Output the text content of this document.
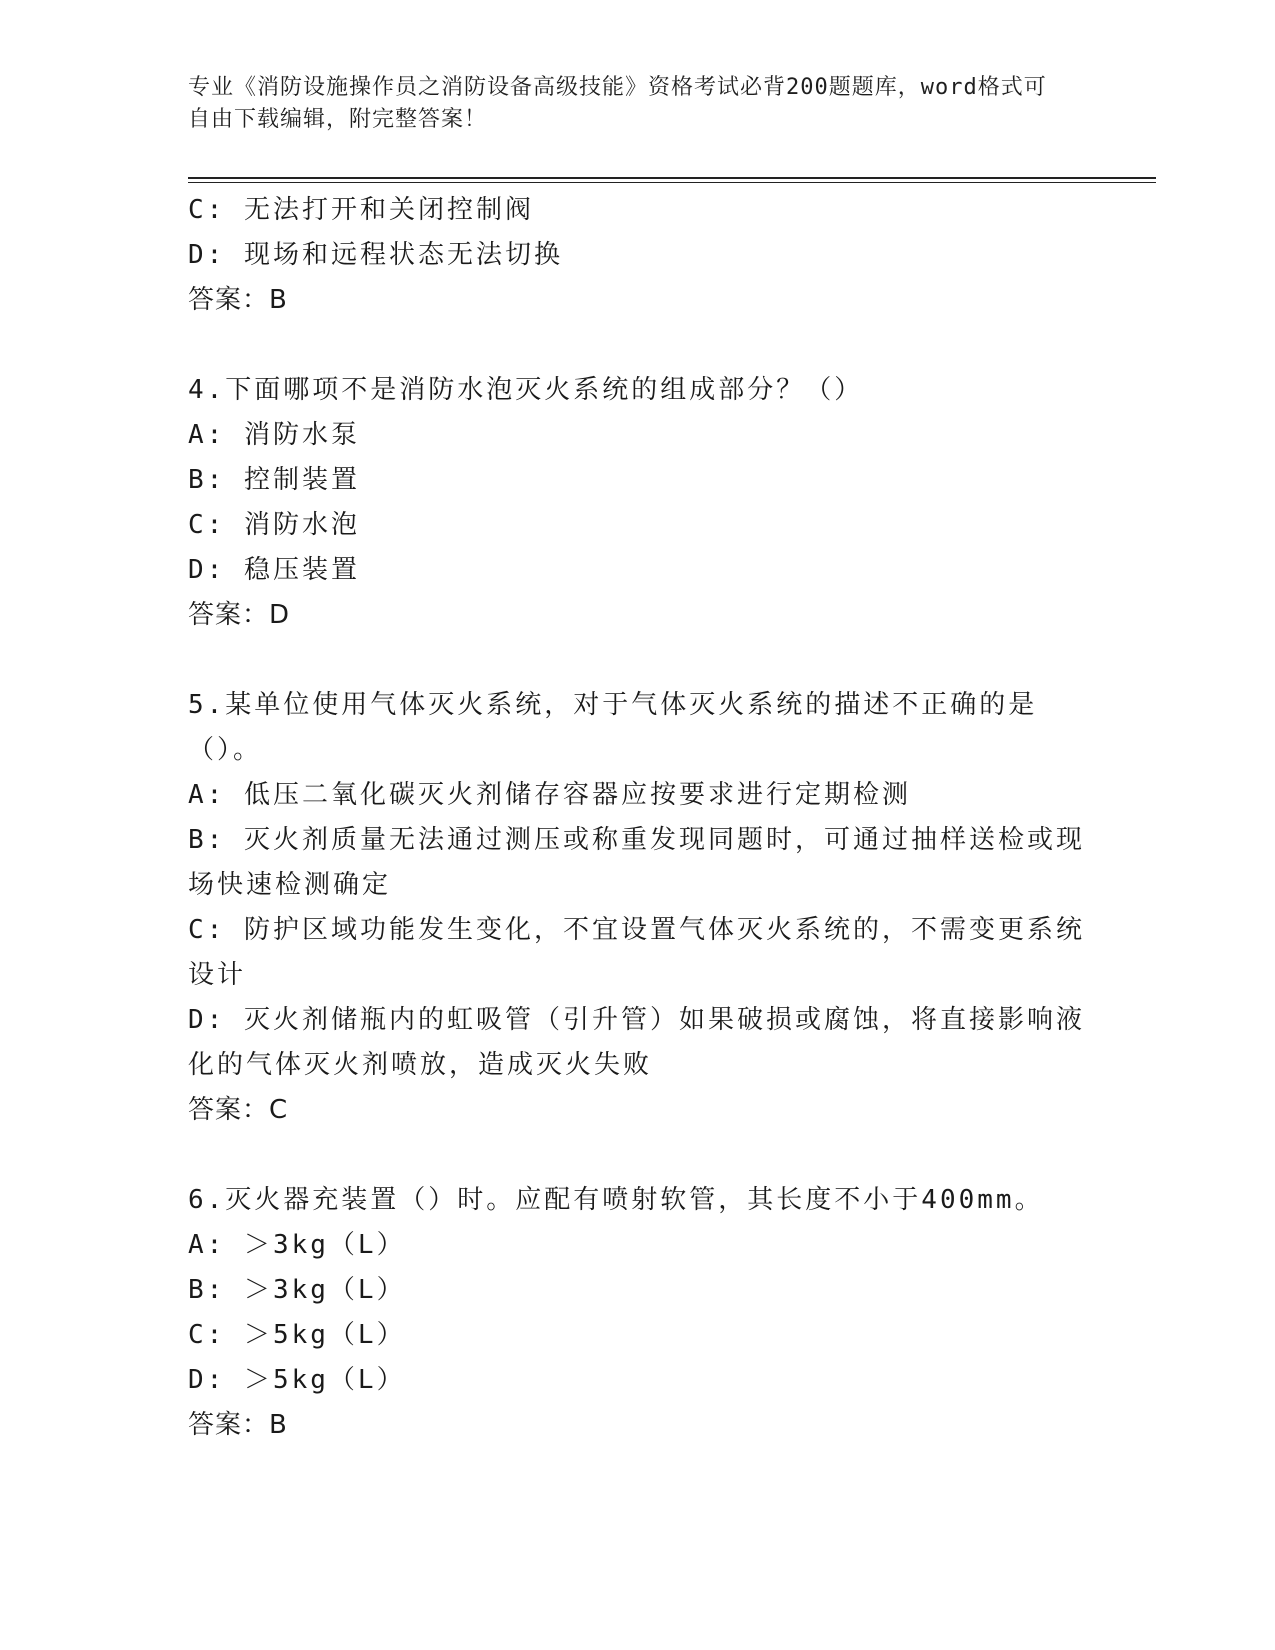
专业《消防设施操作员之消防设备高级技能》资格考试必背200题题库，word格式可自由下载编辑，附完整答案！
C: 无法打开和关闭控制阀
D: 现场和远程状态无法切换
答案：B
4.下面哪项不是消防水泡灭火系统的组成部分？（）
A: 消防水泵
B: 控制装置
C: 消防水泡
D: 稳压装置
答案：D
5.某单位使用气体灭火系统，对于气体灭火系统的描述不正确的是（）。
A: 低压二氧化碳灭火剂储存容器应按要求进行定期检测
B: 灭火剂质量无法通过测压或称重发现同题时，可通过抽样送检或现场快速检测确定
C: 防护区域功能发生变化，不宜设置气体灭火系统的，不需变更系统设计
D: 灭火剂储瓶内的虹吸管（引升管）如果破损或腐蚀，将直接影响液化的气体灭火剂喷放，造成灭火失败
答案：C
6.灭火器充装置（）时。应配有喷射软管，其长度不小于400mm。
A: ＞3kg（L）
B: ＞3kg（L）
C: ＞5kg（L）
D: ＞5kg（L）
答案：B
